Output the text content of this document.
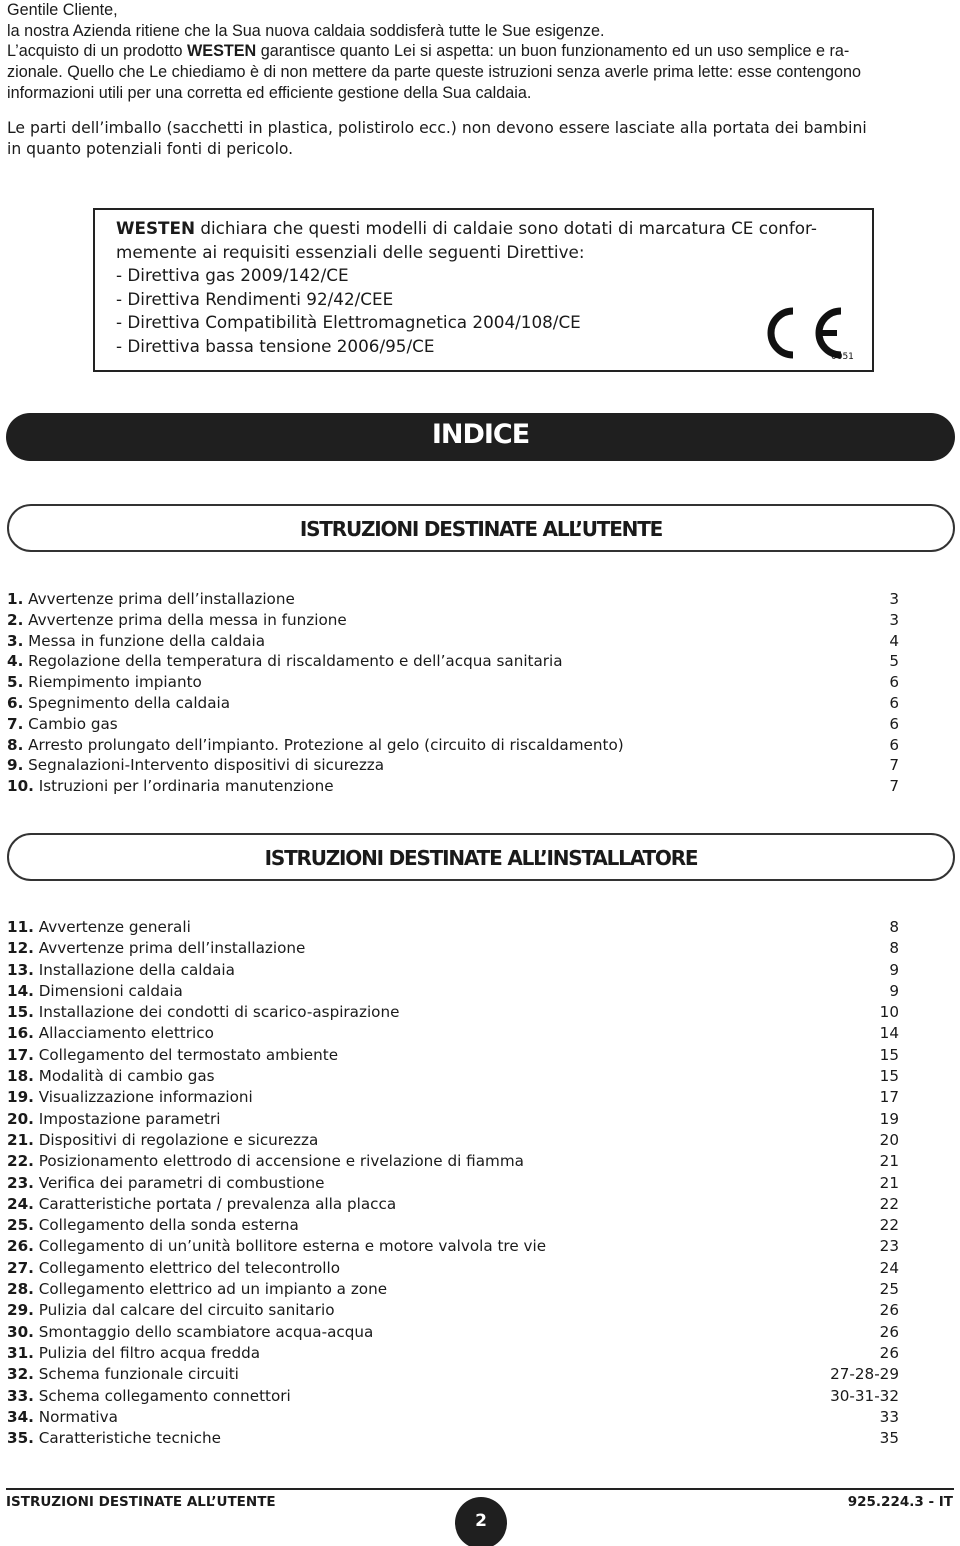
Gentile Cliente,

la nostra Azienda ritiene che la Sua nuova caldaia soddisferà tutte le Sue esigenze.

L’acquisto di un prodotto WESTEN garantisce quanto Lei si aspetta: un buon funzionamento ed un uso semplice e ra-

zionale. Quello che Le chiediamo è di non mettere da parte queste istruzioni senza averle prima lette: esse contengono

informazioni utili per una corretta ed efficiente gestione della Sua caldaia.

Le parti dell’imballo (sacchetti in plastica, polistirolo ecc.) non devono essere lasciate alla portata dei bambini

in quanto potenziali fonti di pericolo.

WESTEN dichiara che questi modelli di caldaie sono dotati di marcatura CE confor-
memente ai requisiti essenziali delle seguenti Direttive:
- Direttiva gas 2009/142/CE
- Direttiva Rendimenti 92/42/CEE
- Direttiva Compatibilità Elettromagnetica 2004/108/CE
- Direttiva bassa tensione 2006/95/CE
0051
INDICE
ISTRUZIONI DESTINATE ALL’UTENTE
1. Avvertenze prima dell’installazione	3
2. Avvertenze prima della messa in funzione	3
3. Messa in funzione della caldaia	4
4. Regolazione della temperatura di riscaldamento e dell’acqua sanitaria	5
5. Riempimento impianto	6
6. Spegnimento della caldaia	6
7. Cambio gas	6
8. Arresto prolungato dell’impianto. Protezione al gelo (circuito di riscaldamento)	6
9. Segnalazioni-Intervento dispositivi di sicurezza	7
10. Istruzioni per l’ordinaria manutenzione	7
ISTRUZIONI DESTINATE ALL’INSTALLATORE
11. Avvertenze generali	8
12. Avvertenze prima dell’installazione	8
13. Installazione della caldaia	9
14. Dimensioni caldaia	9
15. Installazione dei condotti di scarico-aspirazione	10
16. Allacciamento elettrico	14
17. Collegamento del termostato ambiente	15
18. Modalità di cambio gas	15
19. Visualizzazione informazioni	17
20. Impostazione parametri	19
21. Dispositivi di regolazione e sicurezza	20
22. Posizionamento elettrodo di accensione e rivelazione di fiamma	21
23. Verifica dei parametri di combustione	21
24. Caratteristiche portata / prevalenza alla placca	22
25. Collegamento della sonda esterna	22
26. Collegamento di un’unità bollitore esterna e motore valvola tre vie	23
27. Collegamento elettrico del telecontrollo	24
28. Collegamento elettrico ad un impianto a zone	25
29. Pulizia dal calcare del circuito sanitario	26
30. Smontaggio dello scambiatore acqua-acqua	26
31. Pulizia del filtro acqua fredda	26
32. Schema funzionale circuiti	27-28-29
33. Schema collegamento connettori	30-31-32
34. Normativa	33
35. Caratteristiche tecniche	35
ISTRUZIONI DESTINATE ALL’UTENTE
2
925.224.3 - IT
